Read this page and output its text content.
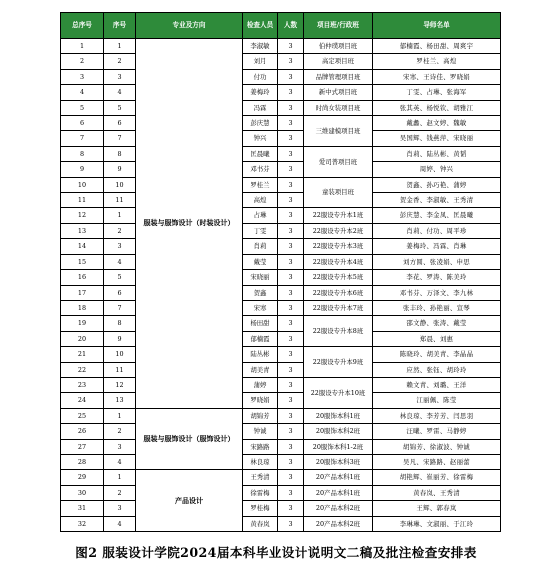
总序号	序号	专业及方向	检查人员	人数	项目班/行政班	导师名单
1	1	服装与服饰设计（时装设计）	李淑敏	3	伯仲璞项目班	郁楠霞、杨田甜、周爽宇
2	2		刘月	3	高定项目班	罗桂兰、高煌
3	3		付功	3	品牌管理项目班	宋寒、王诗佳、罗晓娟
4	4		姜梅玲	3	新中式项目班	丁雯、占琳、张海军
5	5		冯霖	3	时尚女装项目班	张其英、杨悦钦、胡雅江
6	6		彭庆慧	3	三维建模项目班	戴蠡、赵文婷、魏敏
7	7		钟兴	3		吴国辉、钱燕萍、宋晓丽
8	8		匡晨曦	3	爱司普项目班	肖莉、陆丛彬、黄韬
9	9		邓书芬	3		周婷、钟兴
10	10		罗桂兰	3	童装项目班	贺鑫、孙巧艳、蒲婷
11	11		高煌	3		贺金香、李淑敏、王秀清
12	1		占琳	3	22服设专升本1班	彭庆慧、李金凤、匡晨曦
13	2		丁雯	3	22服设专升本2班	肖莉、付功、周平珍
14	3		肖莉	3	22服设专升本3班	姜梅玲、冯霖、肖琳
15	4		戴莹	3	22服设专升本4班	刘方圆、张凌娟、申思
16	5		宋晓丽	3	22服设专升本5班	李花、罗涛、陈美玲
17	6		贺鑫	3	22服设专升本6班	邓书芬、万泽文、李九林
18	7		宋寒	3	22服设专升本7班	张丰玲、孙艳丽、宣琴
19	8		杨田甜	3	22服设专升本8班	邵文静、张涛、戴莹
20	9		郁楠霞	3		郑晨、刘惠
21	10		陆丛彬	3	22服设专升本9班	陈晓玲、胡美青、李晶晶
22	11		胡美青	3		应然、张钰、胡玲玲
23	12		蒲婷	3	22服设专升本10班	赖文青、刘璐、王洋
24	13		罗晓娟	3		江丽佩、陈莹
25	1	服装与服饰设计（服饰设计）	胡锦芳	3	20服饰本科1班	林良琼、李芳芳、闫思羽
26	2		钟诚	3	20服饰本科2班	汪曦、罗雷、马静婷
27	3		宋路路	3	20服饰本科1-2班	胡锦芳、徐淑波、钟诚
28	4		林良琼	3	20服饰本科3班	吴凡、宋路路、赵丽蕾
29	1	产品设计	王秀清	3	20产品本科1班	胡艳辉、崔丽芳、徐雷梅
30	2		徐雷梅	3	20产品本科1班	黄春岚、王秀清
31	3		罗桂梅	3	20产品本科2班	王辉、郭春岚
32	4		黄春岚	3	20产品本科2班	李琳琳、文淑丽、于江玲
图2 服装设计学院2024届本科毕业设计说明文二稿及批注检查安排表
